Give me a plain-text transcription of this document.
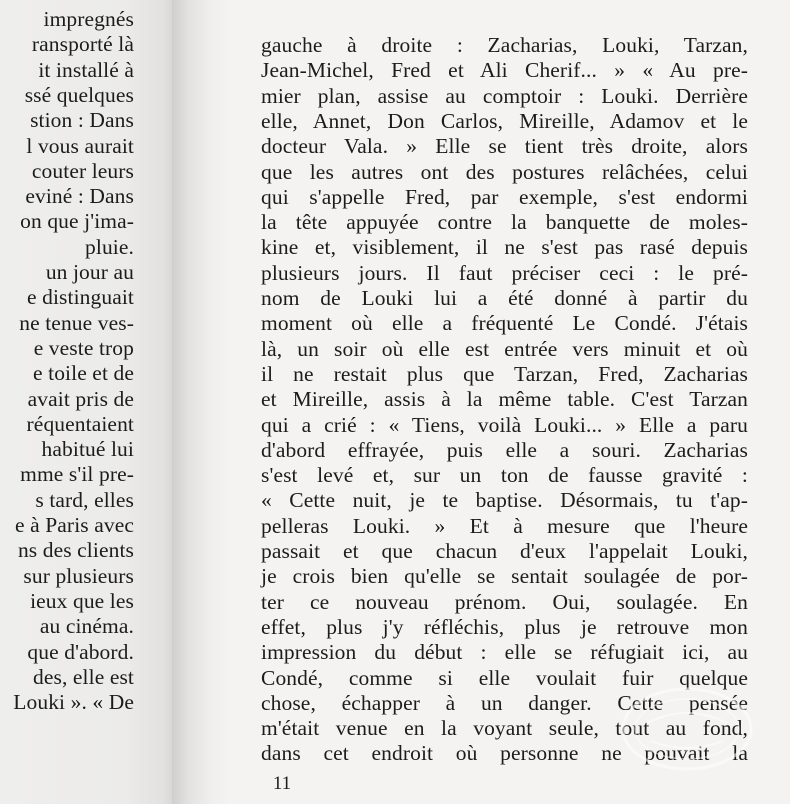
impregnés
ransporté là
it installé à
ssé quelques
stion : Dans
l vous aurait
couter leurs
eviné : Dans
on que j'ima-
pluie.
un jour au
e distinguait
ne tenue ves-
e veste trop
e toile et de
avait pris de
réquentaient
habitué lui
mme s'il pre-
s tard, elles
e à Paris avec
ns des clients
sur plusieurs
ieux que les
au cinéma.
que d'abord.
des, elle est
Louki ». « De
gauche à droite : Zacharias, Louki, Tarzan,
Jean-Michel, Fred et Ali Cherif... » « Au pre-
mier plan, assise au comptoir : Louki. Derrière
elle, Annet, Don Carlos, Mireille, Adamov et le
docteur Vala. » Elle se tient très droite, alors
que les autres ont des postures relâchées, celui
qui s'appelle Fred, par exemple, s'est endormi
la tête appuyée contre la banquette de moles-
kine et, visiblement, il ne s'est pas rasé depuis
plusieurs jours. Il faut préciser ceci : le pré-
nom de Louki lui a été donné à partir du
moment où elle a fréquenté Le Condé. J'étais
là, un soir où elle est entrée vers minuit et où
il ne restait plus que Tarzan, Fred, Zacharias
et Mireille, assis à la même table. C'est Tarzan
qui a crié : « Tiens, voilà Louki... » Elle a paru
d'abord effrayée, puis elle a souri. Zacharias
s'est levé et, sur un ton de fausse gravité :
« Cette nuit, je te baptise. Désormais, tu t'ap-
pelleras Louki. » Et à mesure que l'heure
passait et que chacun d'eux l'appelait Louki,
je crois bien qu'elle se sentait soulagée de por-
ter ce nouveau prénom. Oui, soulagée. En
effet, plus j'y réfléchis, plus je retrouve mon
impression du début : elle se réfugiait ici, au
Condé, comme si elle voulait fuir quelque
chose, échapper à un danger. Cette pensée
m'était venue en la voyant seule, tout au fond,
dans cet endroit où personne ne pouvait la
11
